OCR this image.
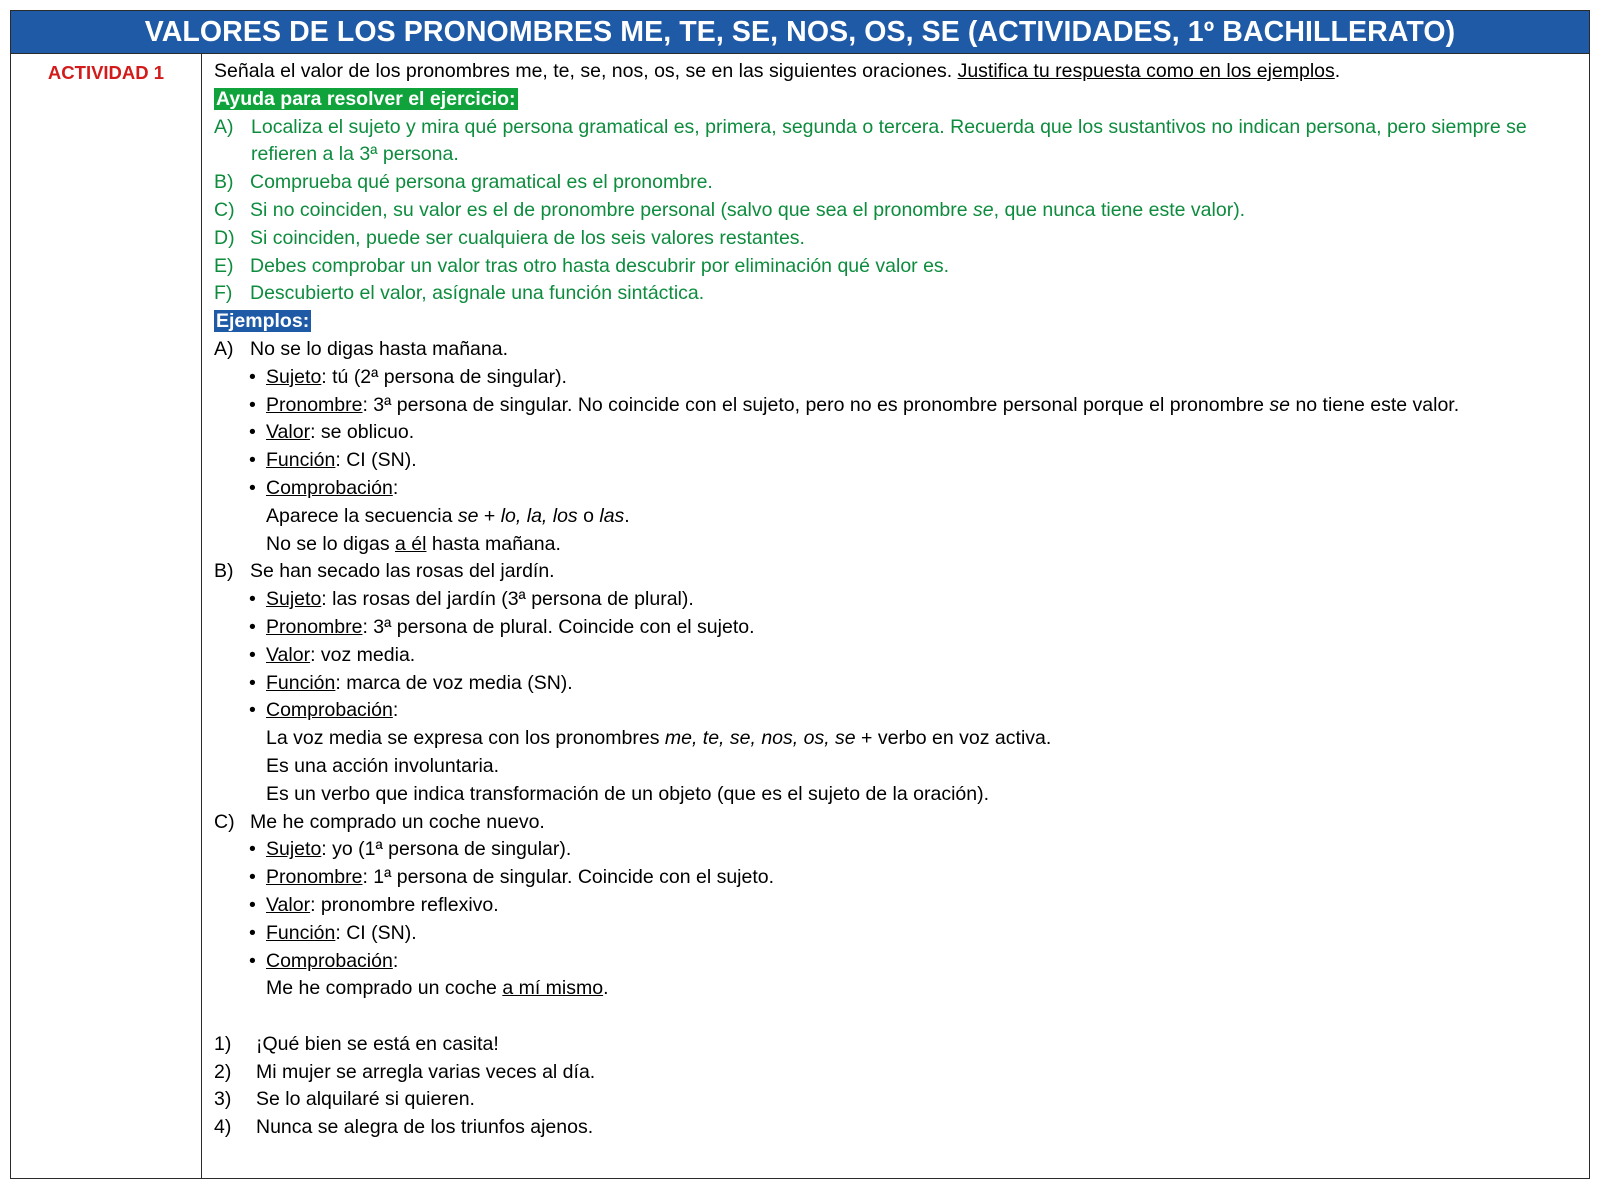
VALORES DE LOS PRONOMBRES ME, TE, SE, NOS, OS, SE (ACTIVIDADES, 1º BACHILLERATO)
ACTIVIDAD 1	Señala el valor de los pronombres me, te, se, nos, os, se en las siguientes oraciones. Justifica tu respuesta como en los ejemplos.
Ayuda para resolver el ejercicio:
A) Localiza el sujeto y mira qué persona gramatical es, primera, segunda o tercera. Recuerda que los sustantivos no indican persona, pero siempre se refieren a la 3ª persona.
B) Comprueba qué persona gramatical es el pronombre.
C) Si no coinciden, su valor es el de pronombre personal (salvo que sea el pronombre se, que nunca tiene este valor).
D) Si coinciden, puede ser cualquiera de los seis valores restantes.
E) Debes comprobar un valor tras otro hasta descubrir por eliminación qué valor es.
F) Descubierto el valor, asígnale una función sintáctica.
Ejemplos:
A) No se lo digas hasta mañana.
• Sujeto: tú (2ª persona de singular).
• Pronombre: 3ª persona de singular. No coincide con el sujeto, pero no es pronombre personal porque el pronombre se no tiene este valor.
• Valor: se oblicuo.
• Función: CI (SN).
• Comprobación:
Aparece la secuencia se + lo, la, los o las.
No se lo digas a él hasta mañana.
B) Se han secado las rosas del jardín.
• Sujeto: las rosas del jardín (3ª persona de plural).
• Pronombre: 3ª persona de plural. Coincide con el sujeto.
• Valor: voz media.
• Función: marca de voz media (SN).
• Comprobación:
La voz media se expresa con los pronombres me, te, se, nos, os, se + verbo en voz activa.
Es una acción involuntaria.
Es un verbo que indica transformación de un objeto (que es el sujeto de la oración).
C) Me he comprado un coche nuevo.
• Sujeto: yo (1ª persona de singular).
• Pronombre: 1ª persona de singular. Coincide con el sujeto.
• Valor: pronombre reflexivo.
• Función: CI (SN).
• Comprobación:
Me he comprado un coche a mí mismo.
1) ¡Qué bien se está en casita!
2) Mi mujer se arregla varias veces al día.
3) Se lo alquilaré si quieren.
4) Nunca se alegra de los triunfos ajenos.
